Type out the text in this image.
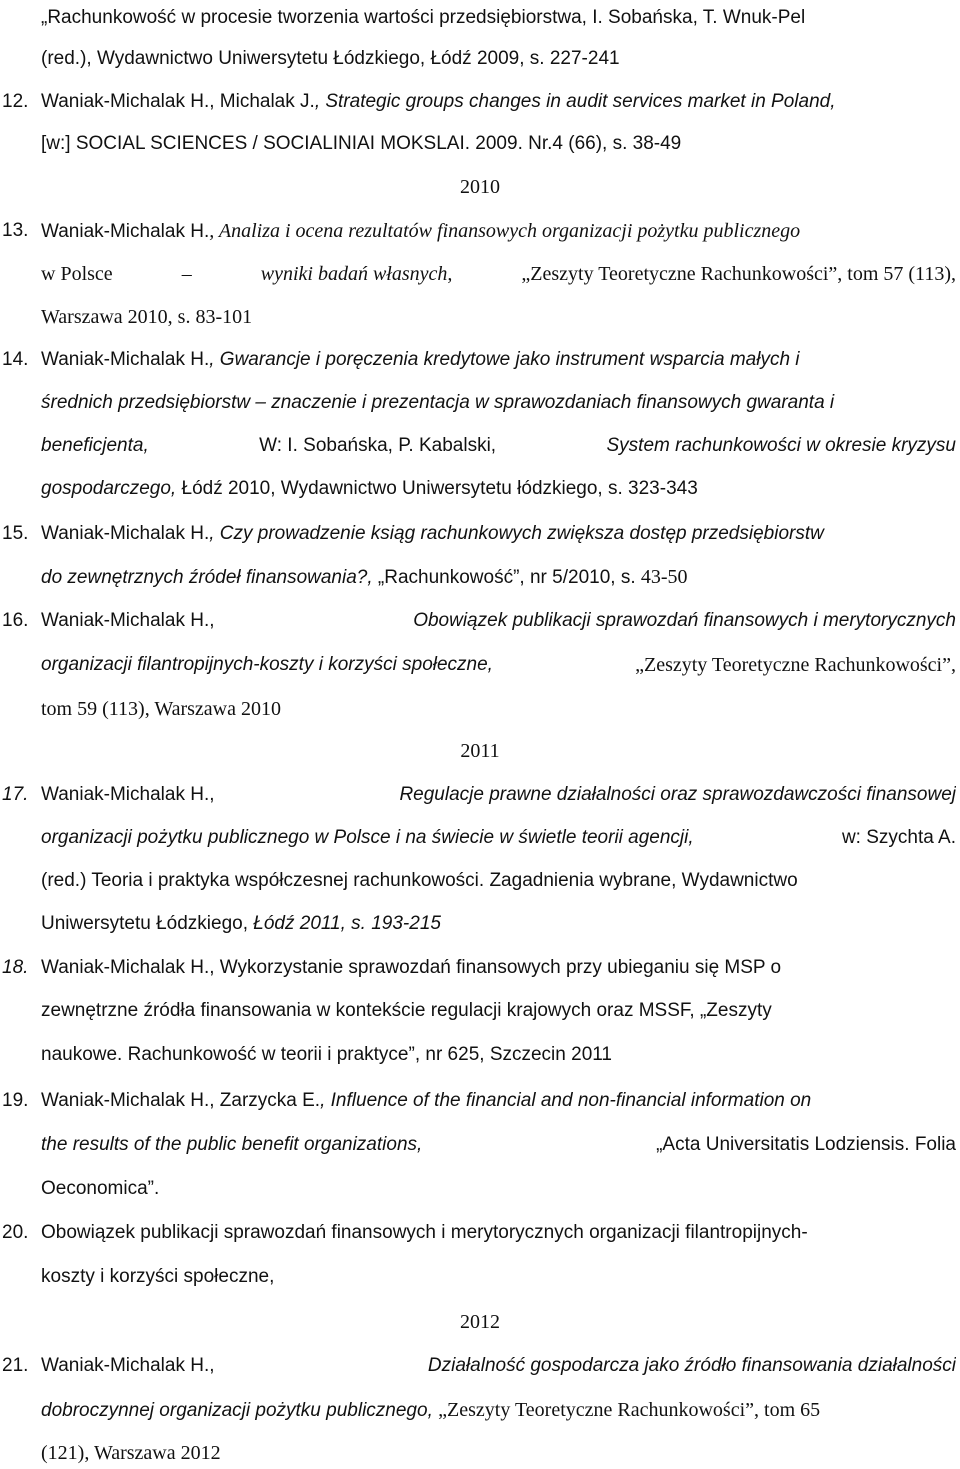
„Rachunkowość w procesie tworzenia wartości przedsiębiorstwa, I. Sobańska, T. Wnuk-Pel
(red.), Wydawnictwo Uniwersytetu Łódzkiego, Łódź 2009, s. 227-241
12. Waniak-Michalak H., Michalak J., Strategic groups changes in audit services market in Poland,
[w:] SOCIAL SCIENCES / SOCIALINIAI MOKSLAI. 2009. Nr.4 (66), s. 38-49
2010
13. Waniak-Michalak H., Analiza i ocena rezultatów finansowych organizacji pożytku publicznego
w Polsce	–	wyniki badań własnych,	„Zeszyty Teoretyczne Rachunkowości”, tom 57 (113),
Warszawa 2010, s. 83-101
14. Waniak-Michalak H., Gwarancje i poręczenia kredytowe jako instrument wsparcia małych i
średnich przedsiębiorstw – znaczenie i prezentacja w sprawozdaniach finansowych gwaranta i
beneficjenta,	W: I. Sobańska, P. Kabalski,	System rachunkowości w okresie kryzysu
gospodarczego, Łódź 2010, Wydawnictwo Uniwersytetu łódzkiego, s. 323-343
15. Waniak-Michalak H., Czy prowadzenie ksiąg rachunkowych zwiększa dostęp przedsiębiorstw
do zewnętrznych źródeł finansowania?, „Rachunkowość”, nr 5/2010, s. 43-50
16. Waniak-Michalak H.,	Obowiązek publikacji sprawozdań finansowych i merytorycznych
organizacji filantropijnych-koszty i korzyści społeczne,	„Zeszyty Teoretyczne Rachunkowości”,
tom 59 (113), Warszawa 2010
2011
17. Waniak-Michalak H.,	Regulacje prawne działalności oraz sprawozdawczości finansowej
organizacji pożytku publicznego w Polsce i na świecie w świetle teorii agencji,	w: Szychta A.
(red.) Teoria i praktyka współczesnej rachunkowości. Zagadnienia wybrane, Wydawnictwo
Uniwersytetu Łódzkiego, Łódź 2011, s. 193-215
18. Waniak-Michalak H., Wykorzystanie sprawozdań finansowych przy ubieganiu się MSP o
zewnętrzne źródła finansowania w kontekście regulacji krajowych oraz MSSF, „Zeszyty
naukowe. Rachunkowość w teorii i praktyce”, nr 625, Szczecin 2011
19. Waniak-Michalak H., Zarzycka E., Influence of the financial and non-financial information on
the results of the public benefit organizations,	„Acta Universitatis Lodziensis. Folia
Oeconomica”.
20. Obowiązek publikacji sprawozdań finansowych i merytorycznych organizacji filantropijnych-
koszty i korzyści społeczne,
2012
21. Waniak-Michalak H.,	Działalność gospodarcza jako źródło finansowania działalności
dobroczynnej organizacji pożytku publicznego, „Zeszyty Teoretyczne Rachunkowości”, tom 65
(121), Warszawa 2012
